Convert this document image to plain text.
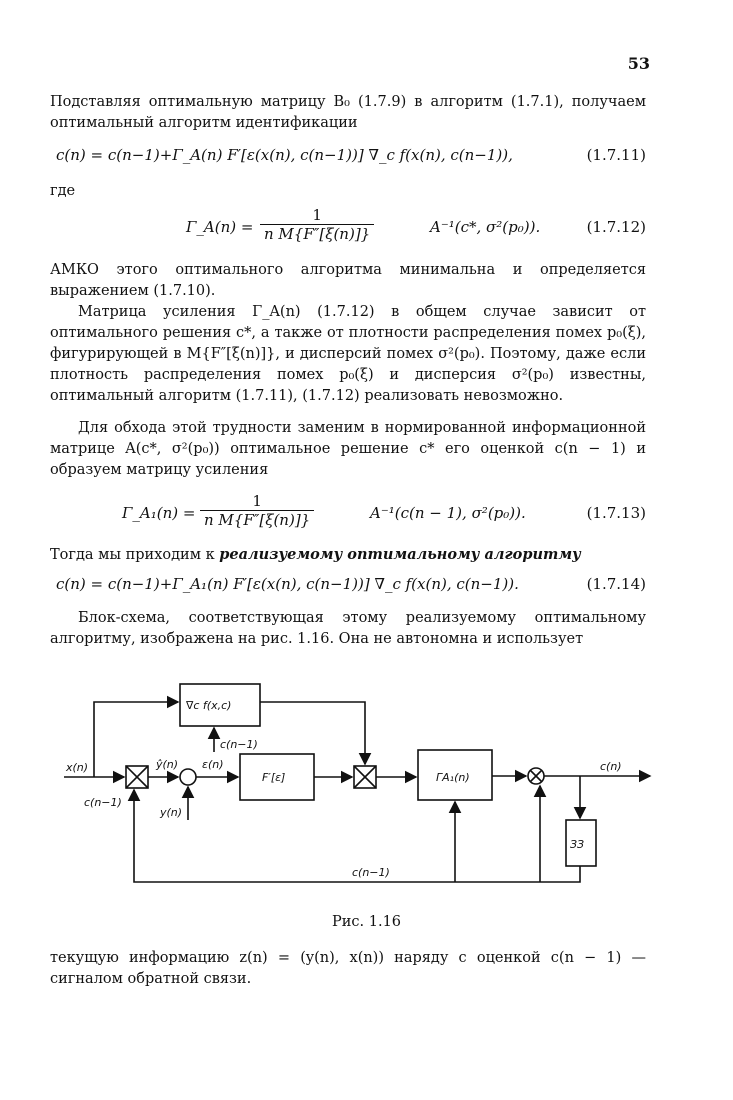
53
Подставляя оптимальную матрицу B₀ (1.7.9) в алгоритм (1.7.1), получаем оптимальный алгоритм идентификации
c(n) = c(n−1)+Γ_A(n) F′[ε(x(n), c(n−1))] ∇_c f(x(n), c(n−1)),	(1.7.11)
где
Γ_A(n) = $\frac{1}{\text{n M\{F″[ξ(n)]\}}}$	A⁻¹(c*, σ²(p₀)).	(1.7.12)
АМКО этого оптимального алгоритма минимальна и определяется выражением (1.7.10).
Матрица усиления Γ_A(n) (1.7.12) в общем случае зависит от оптимального решения c*, а также от плотности распределения помех p₀(ξ), фигурирующей в M{F″[ξ(n)]}, и дисперсий помех σ²(p₀). Поэтому, даже если плотность распределения помех p₀(ξ) и дисперсия σ²(p₀) известны, оптимальный алгоритм (1.7.11), (1.7.12) реализовать невозможно.
Для обхода этой трудности заменим в нормированной информационной матрице A(c*, σ²(p₀)) оптимальное решение c* его оценкой c(n − 1) и образуем матрицу усиления
Γ_A₁(n) = $\frac{1}{\text{n M\{F″[ξ(n)]\}}}$	A⁻¹(c(n − 1), σ²(p₀)).	(1.7.13)
Тогда мы приходим к реализуемому оптимальному алгоритму
c(n) = c(n−1)+Γ_A₁(n) F′[ε(x(n), c(n−1))] ∇_c f(x(n), c(n−1)).	(1.7.14)
Блок-схема, соответствующая этому реализуемому оптимальному алгоритму, изображена на рис. 1.16. Она не автономна и использует
∇c f(x,c)
c(n−1)
x(n)	ŷ(n) ε(n)
F′[ε]	ΓA₁(n)
c(n)
c(n−1)
y(n)
ЗЗ
c(n−1)
Рис. 1.16
текущую информацию z(n) = (y(n), x(n)) наряду с оценкой c(n − 1) — сигналом обратной связи.
